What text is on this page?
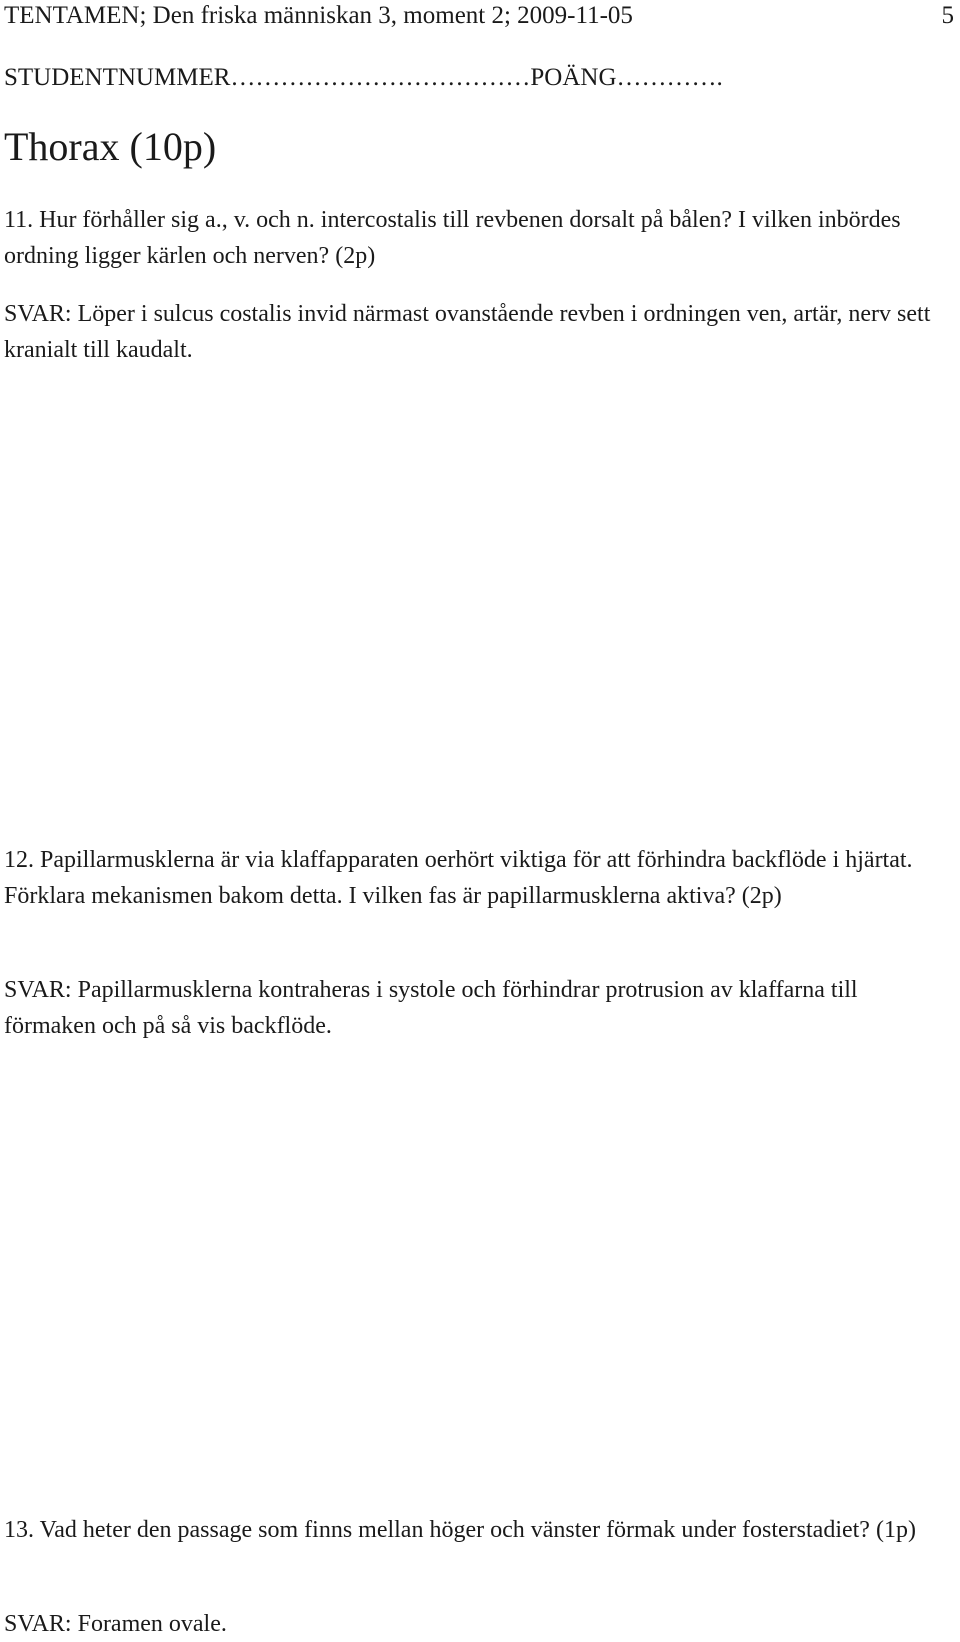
TENTAMEN; Den friska människan 3, moment 2; 2009-11-05	5
STUDENTNUMMER………………………………POÄNG………….
Thorax (10p)

11. Hur förhåller sig a., v. och n. intercostalis till revbenen dorsalt på bålen? I vilken inbördes ordning ligger kärlen och nerven? (2p)

SVAR: Löper i sulcus costalis invid närmast ovanstående revben i ordningen ven, artär, nerv sett kranialt till kaudalt.

12. Papillarmusklerna är via klaffapparaten oerhört viktiga för att förhindra backflöde i hjärtat. Förklara mekanismen bakom detta. I vilken fas är papillarmusklerna aktiva? (2p)

SVAR: Papillarmusklerna kontraheras i systole och förhindrar protrusion av klaffarna till förmaken och på så vis backflöde.

13. Vad heter den passage som finns mellan höger och vänster förmak under fosterstadiet? (1p)

SVAR: Foramen ovale.
